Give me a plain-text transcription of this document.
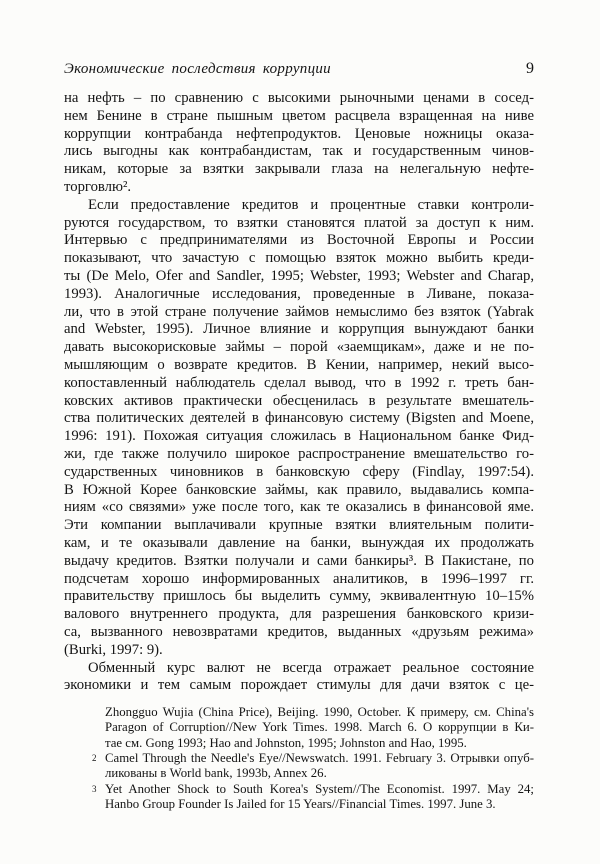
Экономические последствия коррупции	9
на нефть – по сравнению с высокими рыночными ценами в сосед-
нем Бенине в стране пышным цветом расцвела взращенная на ниве
коррупции контрабанда нефтепродуктов. Ценовые ножницы оказа-
лись выгодны как контрабандистам, так и государственным чинов-
никам, которые за взятки закрывали глаза на нелегальную нефте-
торговлю².
Если предоставление кредитов и процентные ставки контроли-
руются государством, то взятки становятся платой за доступ к ним.
Интервью с предпринимателями из Восточной Европы и России
показывают, что зачастую с помощью взяток можно выбить креди-
ты (De Melo, Ofer and Sandler, 1995; Webster, 1993; Webster and Charap,
1993). Аналогичные исследования, проведенные в Ливане, показа-
ли, что в этой стране получение займов немыслимо без взяток (Yabrak
and Webster, 1995). Личное влияние и коррупция вынуждают банки
давать высокорисковые займы – порой «заемщикам», даже и не по-
мышляющим о возврате кредитов. В Кении, например, некий высо-
копоставленный наблюдатель сделал вывод, что в 1992 г. треть бан-
ковских активов практически обесценилась в результате вмешатель-
ства политических деятелей в финансовую систему (Bigsten and Moene,
1996: 191). Похожая ситуация сложилась в Национальном банке Фид-
жи, где также получило широкое распространение вмешательство го-
сударственных чиновников в банковскую сферу (Findlay, 1997:54).
В Южной Корее банковские займы, как правило, выдавались компа-
ниям «со связями» уже после того, как те оказались в финансовой яме.
Эти компании выплачивали крупные взятки влиятельным полити-
кам, и те оказывали давление на банки, вынуждая их продолжать
выдачу кредитов. Взятки получали и сами банкиры³. В Пакистане, по
подсчетам хорошо информированных аналитиков, в 1996–1997 гг.
правительству пришлось бы выделить сумму, эквивалентную 10–15%
валового внутреннего продукта, для разрешения банковского кризи-
са, вызванного невозвратами кредитов, выданных «друзьям режима»
(Burki, 1997: 9).
Обменный курс валют не всегда отражает реальное состояние
экономики и тем самым порождает стимулы для дачи взяток с це-
Zhongguo Wujia (China Price), Beijing. 1990, October. К примеру, см. China's
Paragon of Corruption//New York Times. 1998. March 6. О коррупции в Ки-
тае см. Gong 1993; Hao and Johnston, 1995; Johnston and Hao, 1995.
2 Camel Through the Needle's Eye//Newswatch. 1991. February 3. Отрывки опуб-
ликованы в World bank, 1993b, Annex 26.
3 Yet Another Shock to South Korea's System//The Economist. 1997. May 24;
Hanbo Group Founder Is Jailed for 15 Years//Financial Times. 1997. June 3.
